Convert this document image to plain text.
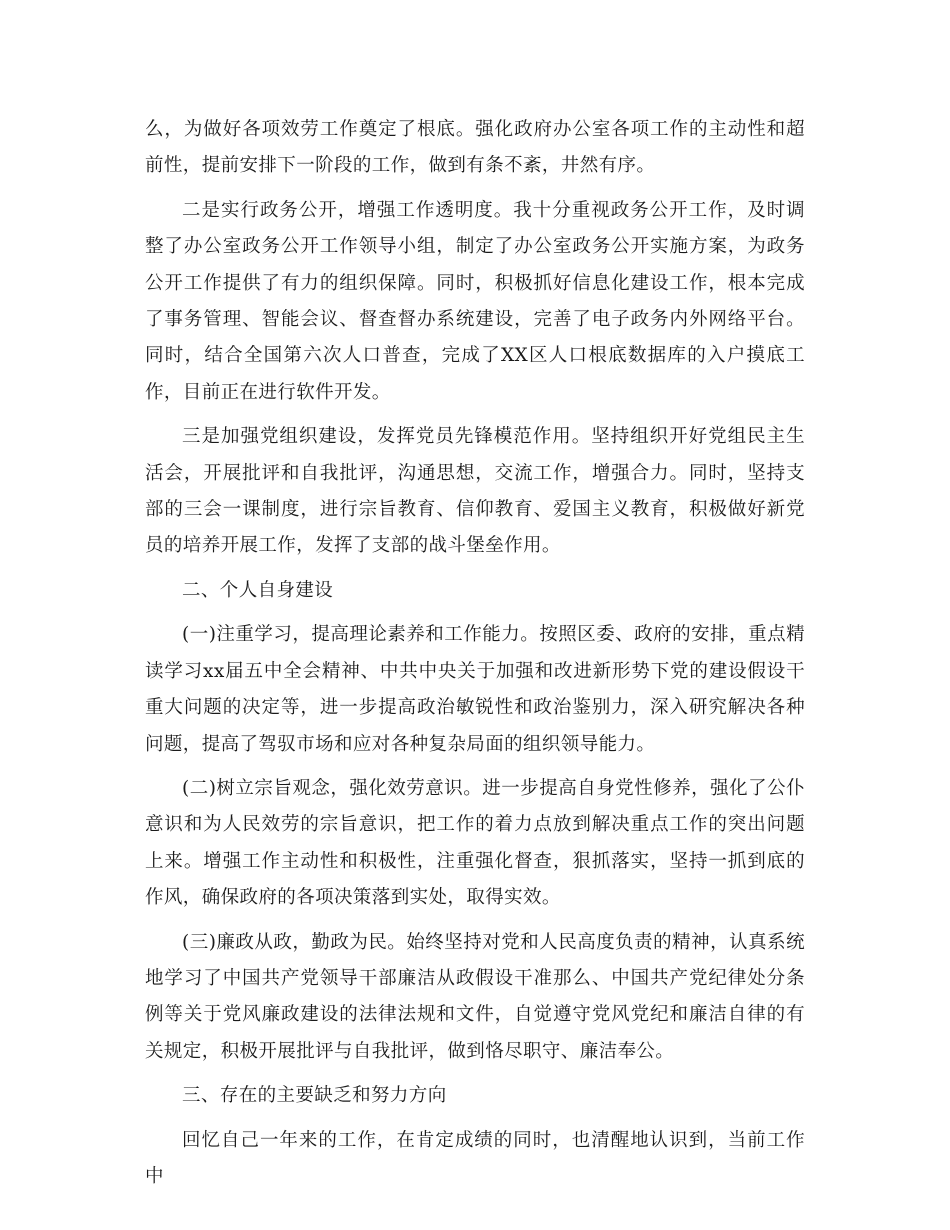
么，为做好各项效劳工作奠定了根底。强化政府办公室各项工作的主动性和超前性，提前安排下一阶段的工作，做到有条不紊，井然有序。

二是实行政务公开，增强工作透明度。我十分重视政务公开工作，及时调整了办公室政务公开工作领导小组，制定了办公室政务公开实施方案，为政务公开工作提供了有力的组织保障。同时，积极抓好信息化建设工作，根本完成了事务管理、智能会议、督查督办系统建设，完善了电子政务内外网络平台。同时，结合全国第六次人口普查，完成了XX区人口根底数据库的入户摸底工作，目前正在进行软件开发。

三是加强党组织建设，发挥党员先锋模范作用。坚持组织开好党组民主生活会，开展批评和自我批评，沟通思想，交流工作，增强合力。同时，坚持支部的三会一课制度，进行宗旨教育、信仰教育、爱国主义教育，积极做好新党员的培养开展工作，发挥了支部的战斗堡垒作用。

二、个人自身建设

(一)注重学习，提高理论素养和工作能力。按照区委、政府的安排，重点精读学习xx届五中全会精神、中共中央关于加强和改进新形势下党的建设假设干重大问题的决定等，进一步提高政治敏锐性和政治鉴别力，深入研究解决各种问题，提高了驾驭市场和应对各种复杂局面的组织领导能力。

(二)树立宗旨观念，强化效劳意识。进一步提高自身党性修养，强化了公仆意识和为人民效劳的宗旨意识，把工作的着力点放到解决重点工作的突出问题上来。增强工作主动性和积极性，注重强化督查，狠抓落实，坚持一抓到底的作风，确保政府的各项决策落到实处，取得实效。

(三)廉政从政，勤政为民。始终坚持对党和人民高度负责的精神，认真系统地学习了中国共产党领导干部廉洁从政假设干准那么、中国共产党纪律处分条例等关于党风廉政建设的法律法规和文件，自觉遵守党风党纪和廉洁自律的有关规定，积极开展批评与自我批评，做到恪尽职守、廉洁奉公。

三、存在的主要缺乏和努力方向

回忆自己一年来的工作，在肯定成绩的同时，也清醒地认识到，当前工作中
